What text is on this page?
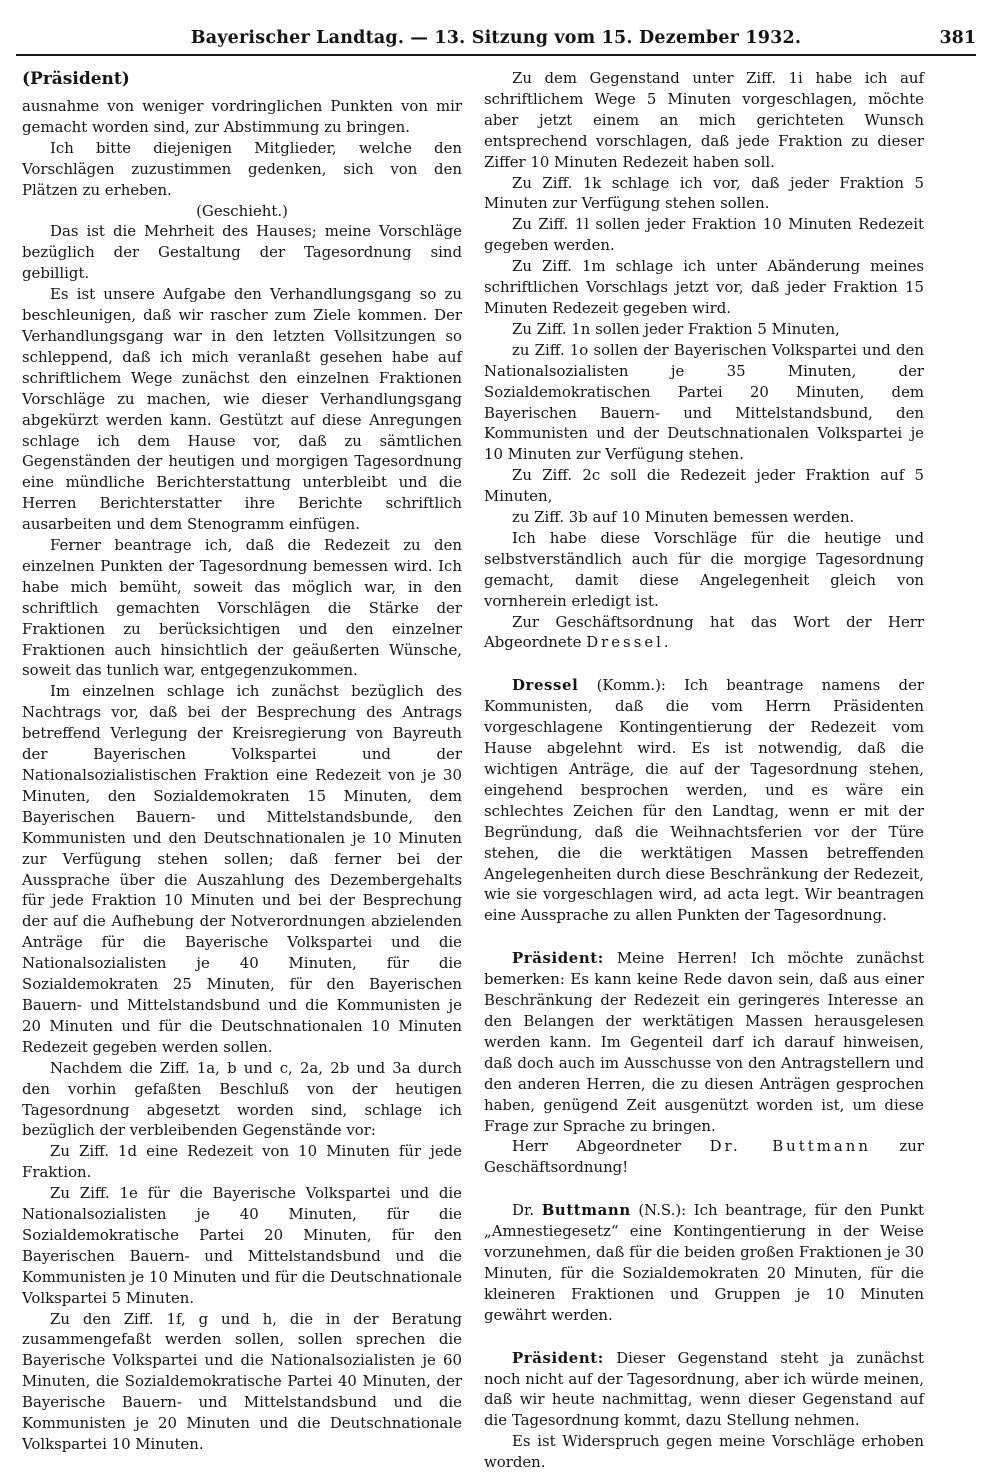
Bayerischer Landtag. — 13. Sitzung vom 15. Dezember 1932.	381
(Präsident)

ausnahme von weniger vordringlichen Punkten von mir gemacht worden sind, zur Abstimmung zu bringen.

Ich bitte diejenigen Mitglieder, welche den Vorschlägen zuzustimmen gedenken, sich von den Plätzen zu erheben.

(Geschieht.)

Das ist die Mehrheit des Hauses; meine Vorschläge bezüglich der Gestaltung der Tagesordnung sind gebilligt.

Es ist unsere Aufgabe den Verhandlungsgang so zu beschleunigen, daß wir rascher zum Ziele kommen. Der Verhandlungsgang war in den letzten Vollsitzungen so schleppend, daß ich mich veranlaßt gesehen habe auf schriftlichem Wege zunächst den einzelnen Fraktionen Vorschläge zu machen, wie dieser Verhandlungsgang abgekürzt werden kann. Gestützt auf diese Anregungen schlage ich dem Hause vor, daß zu sämtlichen Gegenständen der heutigen und morgigen Tagesordnung eine mündliche Berichterstattung unterbleibt und die Herren Berichterstatter ihre Berichte schriftlich ausarbeiten und dem Stenogramm einfügen.

Ferner beantrage ich, daß die Redezeit zu den einzelnen Punkten der Tagesordnung bemessen wird. Ich habe mich bemüht, soweit das möglich war, in den schriftlich gemachten Vorschlägen die Stärke der Fraktionen zu berücksichtigen und den einzelner Fraktionen auch hinsichtlich der geäußerten Wünsche, soweit das tunlich war, entgegenzukommen.

Im einzelnen schlage ich zunächst bezüglich des Nachtrags vor, daß bei der Besprechung des Antrags betreffend Verlegung der Kreisregierung von Bayreuth der Bayerischen Volkspartei und der Nationalsozialistischen Fraktion eine Redezeit von je 30 Minuten, den Sozialdemokraten 15 Minuten, dem Bayerischen Bauern- und Mittelstandsbunde, den Kommunisten und den Deutschnationalen je 10 Minuten zur Verfügung stehen sollen; daß ferner bei der Aussprache über die Auszahlung des Dezembergehalts für jede Fraktion 10 Minuten und bei der Besprechung der auf die Aufhebung der Notverordnungen abzielenden Anträge für die Bayerische Volkspartei und die Nationalsozialisten je 40 Minuten, für die Sozialdemokraten 25 Minuten, für den Bayerischen Bauern- und Mittelstandsbund und die Kommunisten je 20 Minuten und für die Deutschnationalen 10 Minuten Redezeit gegeben werden sollen.

Nachdem die Ziff. 1a, b und c, 2a, 2b und 3a durch den vorhin gefaßten Beschluß von der heutigen Tagesordnung abgesetzt worden sind, schlage ich bezüglich der verbleibenden Gegenstände vor:

Zu Ziff. 1d eine Redezeit von 10 Minuten für jede Fraktion.

Zu Ziff. 1e für die Bayerische Volkspartei und die Nationalsozialisten je 40 Minuten, für die Sozialdemokratische Partei 20 Minuten, für den Bayerischen Bauern- und Mittelstandsbund und die Kommunisten je 10 Minuten und für die Deutschnationale Volkspartei 5 Minuten.

Zu den Ziff. 1f, g und h, die in der Beratung zusammengefaßt werden sollen, sollen sprechen die Bayerische Volkspartei und die Nationalsozialisten je 60 Minuten, die Sozialdemokratische Partei 40 Minuten, der Bayerische Bauern- und Mittelstandsbund und die Kommunisten je 20 Minuten und die Deutschnationale Volkspartei 10 Minuten.

Zu dem Gegenstand unter Ziff. 1i habe ich auf schriftlichem Wege 5 Minuten vorgeschlagen, möchte aber jetzt einem an mich gerichteten Wunsch entsprechend vorschlagen, daß jede Fraktion zu dieser Ziffer 10 Minuten Redezeit haben soll.

Zu Ziff. 1k schlage ich vor, daß jeder Fraktion 5 Minuten zur Verfügung stehen sollen.

Zu Ziff. 1l sollen jeder Fraktion 10 Minuten Redezeit gegeben werden.

Zu Ziff. 1m schlage ich unter Abänderung meines schriftlichen Vorschlags jetzt vor, daß jeder Fraktion 15 Minuten Redezeit gegeben wird.

Zu Ziff. 1n sollen jeder Fraktion 5 Minuten,

zu Ziff. 1o sollen der Bayerischen Volkspartei und den Nationalsozialisten je 35 Minuten, der Sozialdemokratischen Partei 20 Minuten, dem Bayerischen Bauern- und Mittelstandsbund, den Kommunisten und der Deutschnationalen Volkspartei je 10 Minuten zur Verfügung stehen.

Zu Ziff. 2c soll die Redezeit jeder Fraktion auf 5 Minuten,

zu Ziff. 3b auf 10 Minuten bemessen werden.

Ich habe diese Vorschläge für die heutige und selbstverständlich auch für die morgige Tagesordnung gemacht, damit diese Angelegenheit gleich von vornherein erledigt ist.

Zur Geschäftsordnung hat das Wort der Herr Abgeordnete Dressel.

Dressel (Komm.): Ich beantrage namens der Kommunisten, daß die vom Herrn Präsidenten vorgeschlagene Kontingentierung der Redezeit vom Hause abgelehnt wird. Es ist notwendig, daß die wichtigen Anträge, die auf der Tagesordnung stehen, eingehend besprochen werden, und es wäre ein schlechtes Zeichen für den Landtag, wenn er mit der Begründung, daß die Weihnachtsferien vor der Türe stehen, die die werktätigen Massen betreffenden Angelegenheiten durch diese Beschränkung der Redezeit, wie sie vorgeschlagen wird, ad acta legt. Wir beantragen eine Aussprache zu allen Punkten der Tagesordnung.

Präsident: Meine Herren! Ich möchte zunächst bemerken: Es kann keine Rede davon sein, daß aus einer Beschränkung der Redezeit ein geringeres Interesse an den Belangen der werktätigen Massen herausgelesen werden kann. Im Gegenteil darf ich darauf hinweisen, daß doch auch im Ausschusse von den Antragstellern und den anderen Herren, die zu diesen Anträgen gesprochen haben, genügend Zeit ausgenützt worden ist, um diese Frage zur Sprache zu bringen.

Herr Abgeordneter Dr. Buttmann zur Geschäftsordnung!

Dr. Buttmann (N.S.): Ich beantrage, für den Punkt „Amnestiegesetz“ eine Kontingentierung in der Weise vorzunehmen, daß für die beiden großen Fraktionen je 30 Minuten, für die Sozialdemokraten 20 Minuten, für die kleineren Fraktionen und Gruppen je 10 Minuten gewährt werden.

Präsident: Dieser Gegenstand steht ja zunächst noch nicht auf der Tagesordnung, aber ich würde meinen, daß wir heute nachmittag, wenn dieser Gegenstand auf die Tagesordnung kommt, dazu Stellung nehmen.

Es ist Widerspruch gegen meine Vorschläge erhoben worden.
